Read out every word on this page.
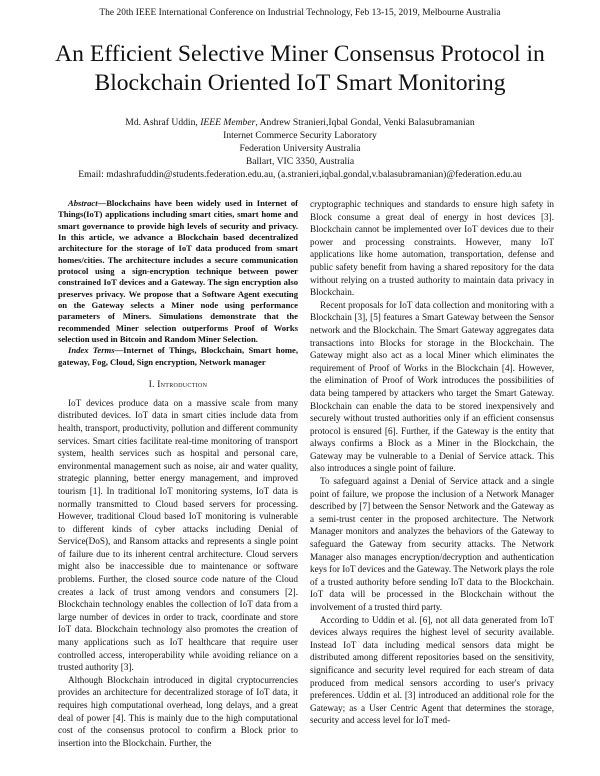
The 20th IEEE International Conference on Industrial Technology, Feb 13-15, 2019, Melbourne Australia
An Efficient Selective Miner Consensus Protocol in
Blockchain Oriented IoT Smart Monitoring
Md. Ashraf Uddin, IEEE Member, Andrew Stranieri,Iqbal Gondal, Venki Balasubramanian
Internet Commerce Security Laboratory
Federation University Australia
Ballart, VIC 3350, Australia
Email: mdashrafuddin@students.federation.edu.au, (a.stranieri,iqbal.gondal,v.balasubramanian)@federation.edu.au

Abstract—Blockchains have been widely used in Internet of Things(IoT) applications including smart cities, smart home and smart governance to provide high levels of security and privacy. In this article, we advance a Blockchain based decentralized architecture for the storage of IoT data produced from smart homes/cities. The architecture includes a secure communication protocol using a sign-encryption technique between power constrained IoT devices and a Gateway. The sign encryption also preserves privacy. We propose that a Software Agent executing on the Gateway selects a Miner node using performance parameters of Miners. Simulations demonstrate that the recommended Miner selection outperforms Proof of Works selection used in Bitcoin and Random Miner Selection.

Index Terms—Internet of Things, Blockchain, Smart home, gateway, Fog, Cloud, Sign encryption, Network manager

I. Introduction

IoT devices produce data on a massive scale from many distributed devices. IoT data in smart cities include data from health, transport, productivity, pollution and different community services. Smart cities facilitate real-time monitoring of transport system, health services such as hospital and personal care, environmental management such as noise, air and water quality, strategic planning, better energy management, and improved tourism [1]. In traditional IoT monitoring systems, IoT data is normally transmitted to Cloud based servers for processing. However, traditional Cloud based IoT monitoring is vulnerable to different kinds of cyber attacks including Denial of Service(DoS), and Ransom attacks and represents a single point of failure due to its inherent central architecture. Cloud servers might also be inaccessible due to maintenance or software problems. Further, the closed source code nature of the Cloud creates a lack of trust among vendors and consumers [2]. Blockchain technology enables the collection of IoT data from a large number of devices in order to track, coordinate and store IoT data. Blockchain technology also promotes the creation of many applications such as IoT healthcare that require user controlled access, interoperability while avoiding reliance on a trusted authority [3].

Although Blockchain introduced in digital cryptocurrencies provides an architecture for decentralized storage of IoT data, it requires high computational overhead, long delays, and a great deal of power [4]. This is mainly due to the high computational cost of the consensus protocol to confirm a Block prior to insertion into the Blockchain. Further, the

cryptographic techniques and standards to ensure high safety in Block consume a great deal of energy in host devices [3]. Blockchain cannot be implemented over IoT devices due to their power and processing constraints. However, many IoT applications like home automation, transportation, defense and public safety benefit from having a shared repository for the data without relying on a trusted authority to maintain data privacy in Blockchain.

Recent proposals for IoT data collection and monitoring with a Blockchain [3], [5] features a Smart Gateway between the Sensor network and the Blockchain. The Smart Gateway aggregates data transactions into Blocks for storage in the Blockchain. The Gateway might also act as a local Miner which eliminates the requirement of Proof of Works in the Blockchain [4]. However, the elimination of Proof of Work introduces the possibilities of data being tampered by attackers who target the Smart Gateway. Blockchain can enable the data to be stored inexpensively and securely without trusted authorities only if an efficient consensus protocol is ensured [6]. Further, if the Gateway is the entity that always confirms a Block as a Miner in the Blockchain, the Gateway may be vulnerable to a Denial of Service attack. This also introduces a single point of failure.

To safeguard against a Denial of Service attack and a single point of failure, we propose the inclusion of a Network Manager described by [7] between the Sensor Network and the Gateway as a semi-trust center in the proposed architecture. The Network Manager monitors and analyzes the behaviors of the Gateway to safeguard the Gateway from security attacks. The Network Manager also manages encryption/decryption and authentication keys for IoT devices and the Gateway. The Network plays the role of a trusted authority before sending IoT data to the Blockchain. IoT data will be processed in the Blockchain without the involvement of a trusted third party.

According to Uddin et al. [6], not all data generated from IoT devices always requires the highest level of security available. Instead IoT data including medical sensors data might be distributed among different repositories based on the sensitivity, significance and security level required for each stream of data produced from medical sensors according to user's privacy preferences. Uddin et al. [3] introduced an additional role for the Gateway; as a User Centric Agent that determines the storage, security and access level for IoT med-
